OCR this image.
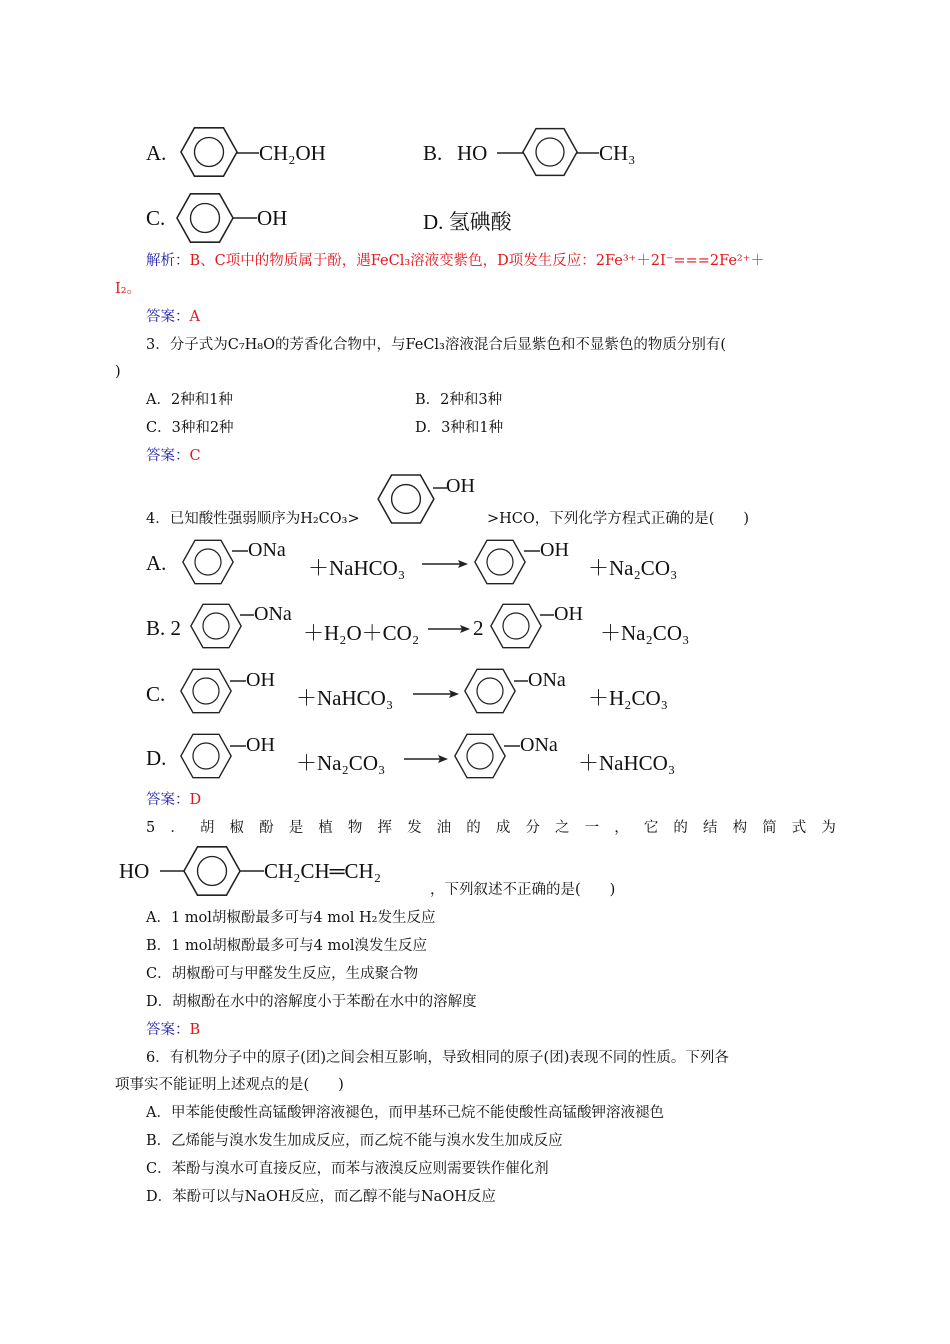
A.	CH₂OH	B. HO	CH₃
C.	OH	D. 氢碘酸
解析：B、C项中的物质属于酚，遇FeCl₃溶液变紫色，D项发生反应：2Fe³⁺＋2I⁻===2Fe²⁺＋
I₂。
答案：A
3．分子式为C₇H₈O的芳香化合物中，与FeCl₃溶液混合后显紫色和不显紫色的物质分别有(
)
A．2种和1种	B．2种和3种
C．3种和2种	D．3种和1种
答案：C
OH
4．已知酸性强弱顺序为H₂CO₃>	>HCO，下列化学方程式正确的是(　　)
A.
ONa
＋NaHCO₃
OH
＋Na₂CO₃
B. 2
ONa
＋H₂O＋CO₂	2
OH
＋Na₂CO₃
C.
OH
＋NaHCO₃
ONa
＋H₂CO₃
D.
OH
＋Na₂CO₃
ONa
＋NaHCO₃
答案：D
5 ． 胡 椒 酚 是 植 物 挥 发 油 的 成 分 之 一 ， 它 的 结 构 简 式 为
HO	CH₂CH═CH₂
，下列叙述不正确的是(　　)
A．1 mol胡椒酚最多可与4 mol H₂发生反应
B．1 mol胡椒酚最多可与4 mol溴发生反应
C．胡椒酚可与甲醛发生反应，生成聚合物
D．胡椒酚在水中的溶解度小于苯酚在水中的溶解度
答案：B
6．有机物分子中的原子(团)之间会相互影响，导致相同的原子(团)表现不同的性质。下列各
项事实不能证明上述观点的是(　　)
A．甲苯能使酸性高锰酸钾溶液褪色，而甲基环己烷不能使酸性高锰酸钾溶液褪色
B．乙烯能与溴水发生加成反应，而乙烷不能与溴水发生加成反应
C．苯酚与溴水可直接反应，而苯与液溴反应则需要铁作催化剂
D．苯酚可以与NaOH反应，而乙醇不能与NaOH反应
